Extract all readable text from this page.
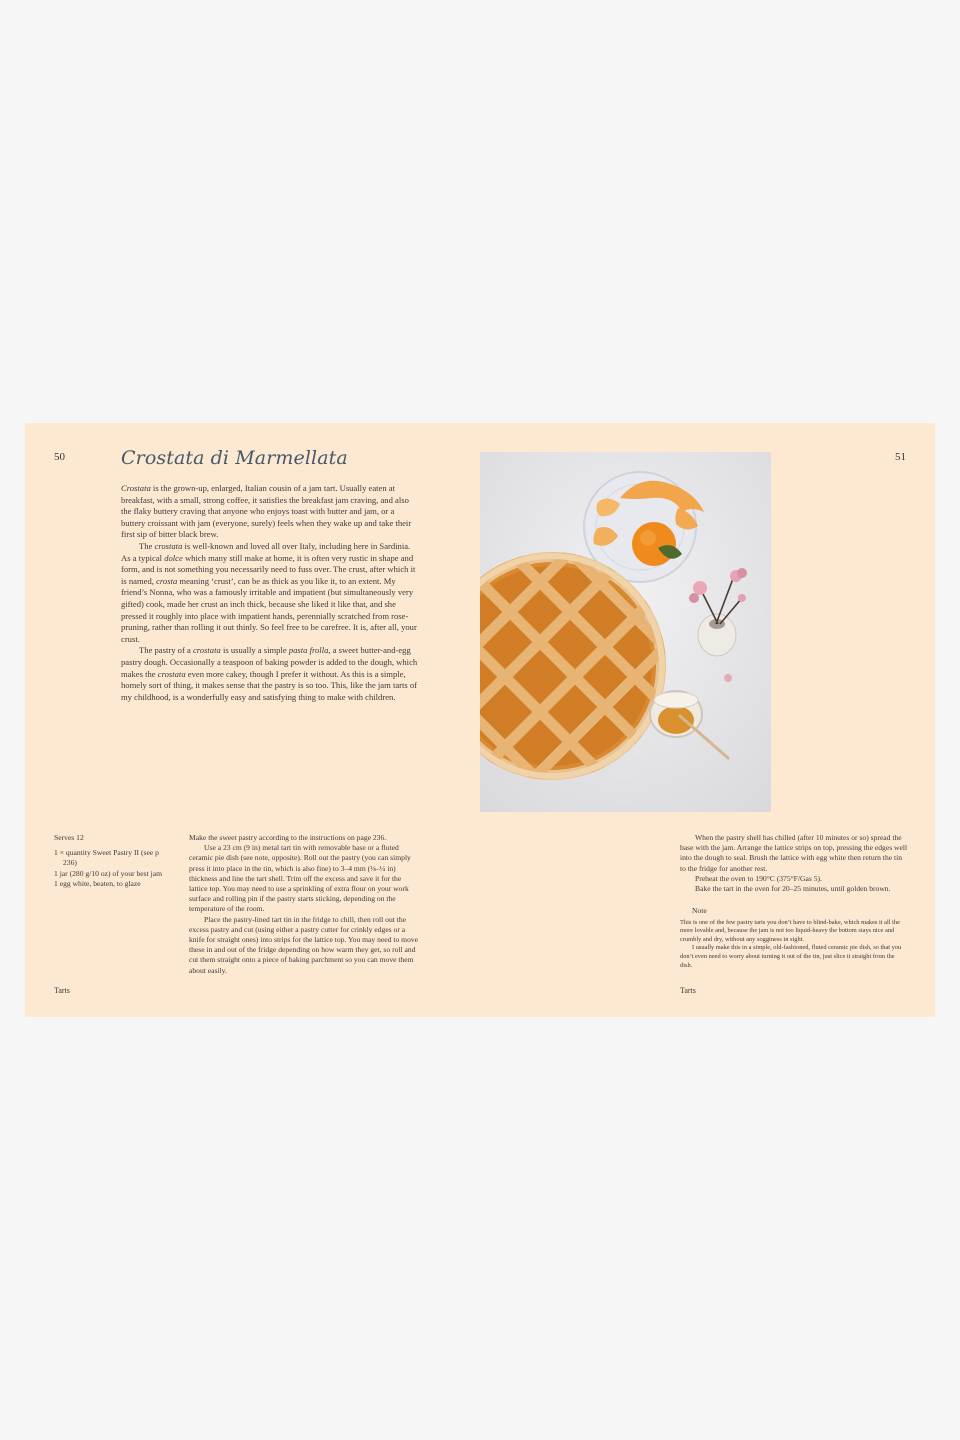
50	51
Crostata di Marmellata

Crostata is the grown-up, enlarged, Italian cousin of a jam tart. Usually eaten at breakfast, with a small, strong coffee, it satisfies the breakfast jam craving, and also the flaky buttery craving that anyone who enjoys toast with butter and jam, or a buttery croissant with jam (everyone, surely) feels when they wake up and take their first sip of bitter black brew.

The crostata is well-known and loved all over Italy, including here in Sardinia. As a typical dolce which many still make at home, it is often very rustic in shape and form, and is not something you necessarily need to fuss over. The crust, after which it is named, crosta meaning ‘crust’, can be as thick as you like it, to an extent. My friend’s Nonna, who was a famously irritable and impatient (but simultaneously very gifted) cook, made her crust an inch thick, because she liked it like that, and she pressed it roughly into place with impatient hands, perennially scratched from rose-pruning, rather than rolling it out thinly. So feel free to be carefree. It is, after all, your crust.

The pastry of a crostata is usually a simple pasta frolla, a sweet butter-and-egg pastry dough. Occasionally a teaspoon of baking powder is added to the dough, which makes the crostata even more cakey, though I prefer it without. As this is a simple, homely sort of thing, it makes sense that the pastry is so too. This, like the jam tarts of my childhood, is a wonderfully easy and satisfying thing to make with children.

Serves 12

1 × quantity Sweet Pastry II (see p 236)
1 jar (280 g/10 oz) of your best jam
1 egg white, beaten, to glaze

Make the sweet pastry according to the instructions on page 236.

Use a 23 cm (9 in) metal tart tin with removable base or a fluted ceramic pie dish (see note, opposite). Roll out the pastry (you can simply press it into place in the tin, which is also fine) to 3–4 mm (⅛–¼ in) thickness and line the tart shell. Trim off the excess and save it for the lattice top. You may need to use a sprinkling of extra flour on your work surface and rolling pin if the pastry starts sticking, depending on the temperature of the room.

Place the pastry-lined tart tin in the fridge to chill, then roll out the excess pastry and cut (using either a pastry cutter for crinkly edges or a knife for straight ones) into strips for the lattice top. You may need to move these in and out of the fridge depending on how warm they get, so roll and cut them straight onto a piece of baking parchment so you can move them about easily.

When the pastry shell has chilled (after 10 minutes or so) spread the base with the jam. Arrange the lattice strips on top, pressing the edges well into the dough to seal. Brush the lattice with egg white then return the tin to the fridge for another rest.

Preheat the oven to 190°C (375°F/Gas 5).

Bake the tart in the oven for 20–25 minutes, until golden brown.

Note

This is one of the few pastry tarts you don’t have to blind-bake, which makes it all the more lovable and, because the jam is not too liquid-heavy the bottom stays nice and crumbly and dry, without any sogginess in sight.

I usually make this in a simple, old-fashioned, fluted ceramic pie dish, so that you don’t even need to worry about turning it out of the tin, just slice it straight from the dish.

Tarts	Tarts
